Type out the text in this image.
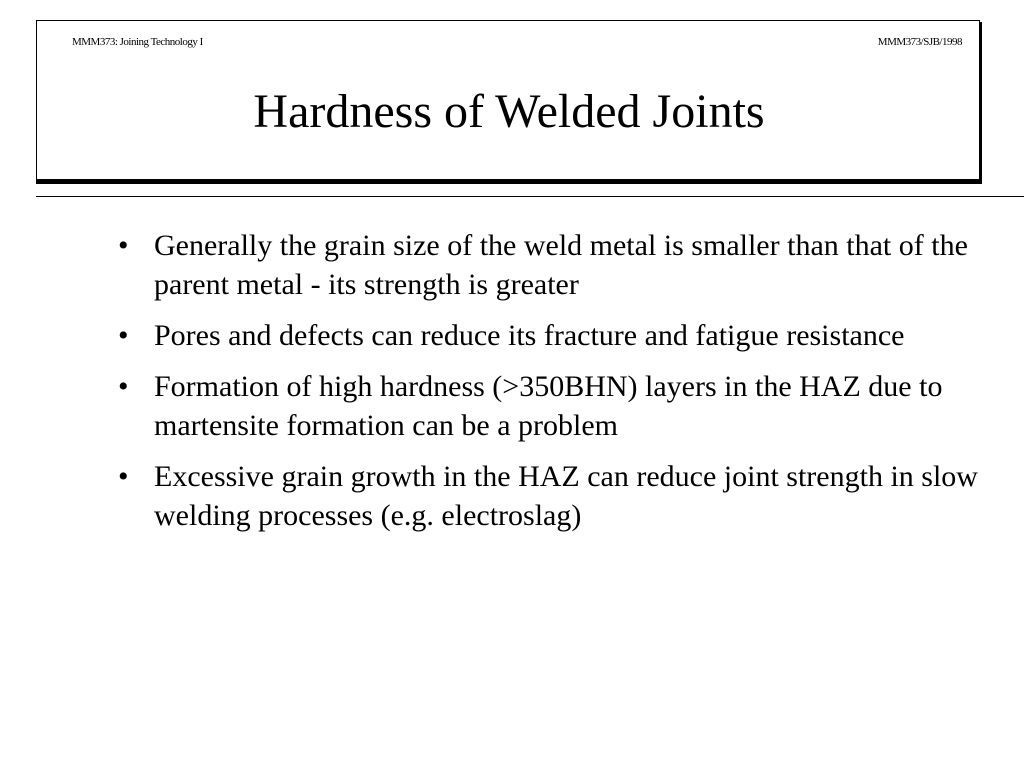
MMM373: Joining Technology I	MMM373/SJB/1998
Hardness of Welded Joints
• Generally the grain size of the weld metal is smaller than that of the parent metal - its strength is greater
• Pores and defects can reduce its fracture and fatigue resistance
• Formation of high hardness (>350BHN) layers in the HAZ due to martensite formation can be a problem
• Excessive grain growth in the HAZ can reduce joint strength in slow welding processes (e.g. electroslag)
